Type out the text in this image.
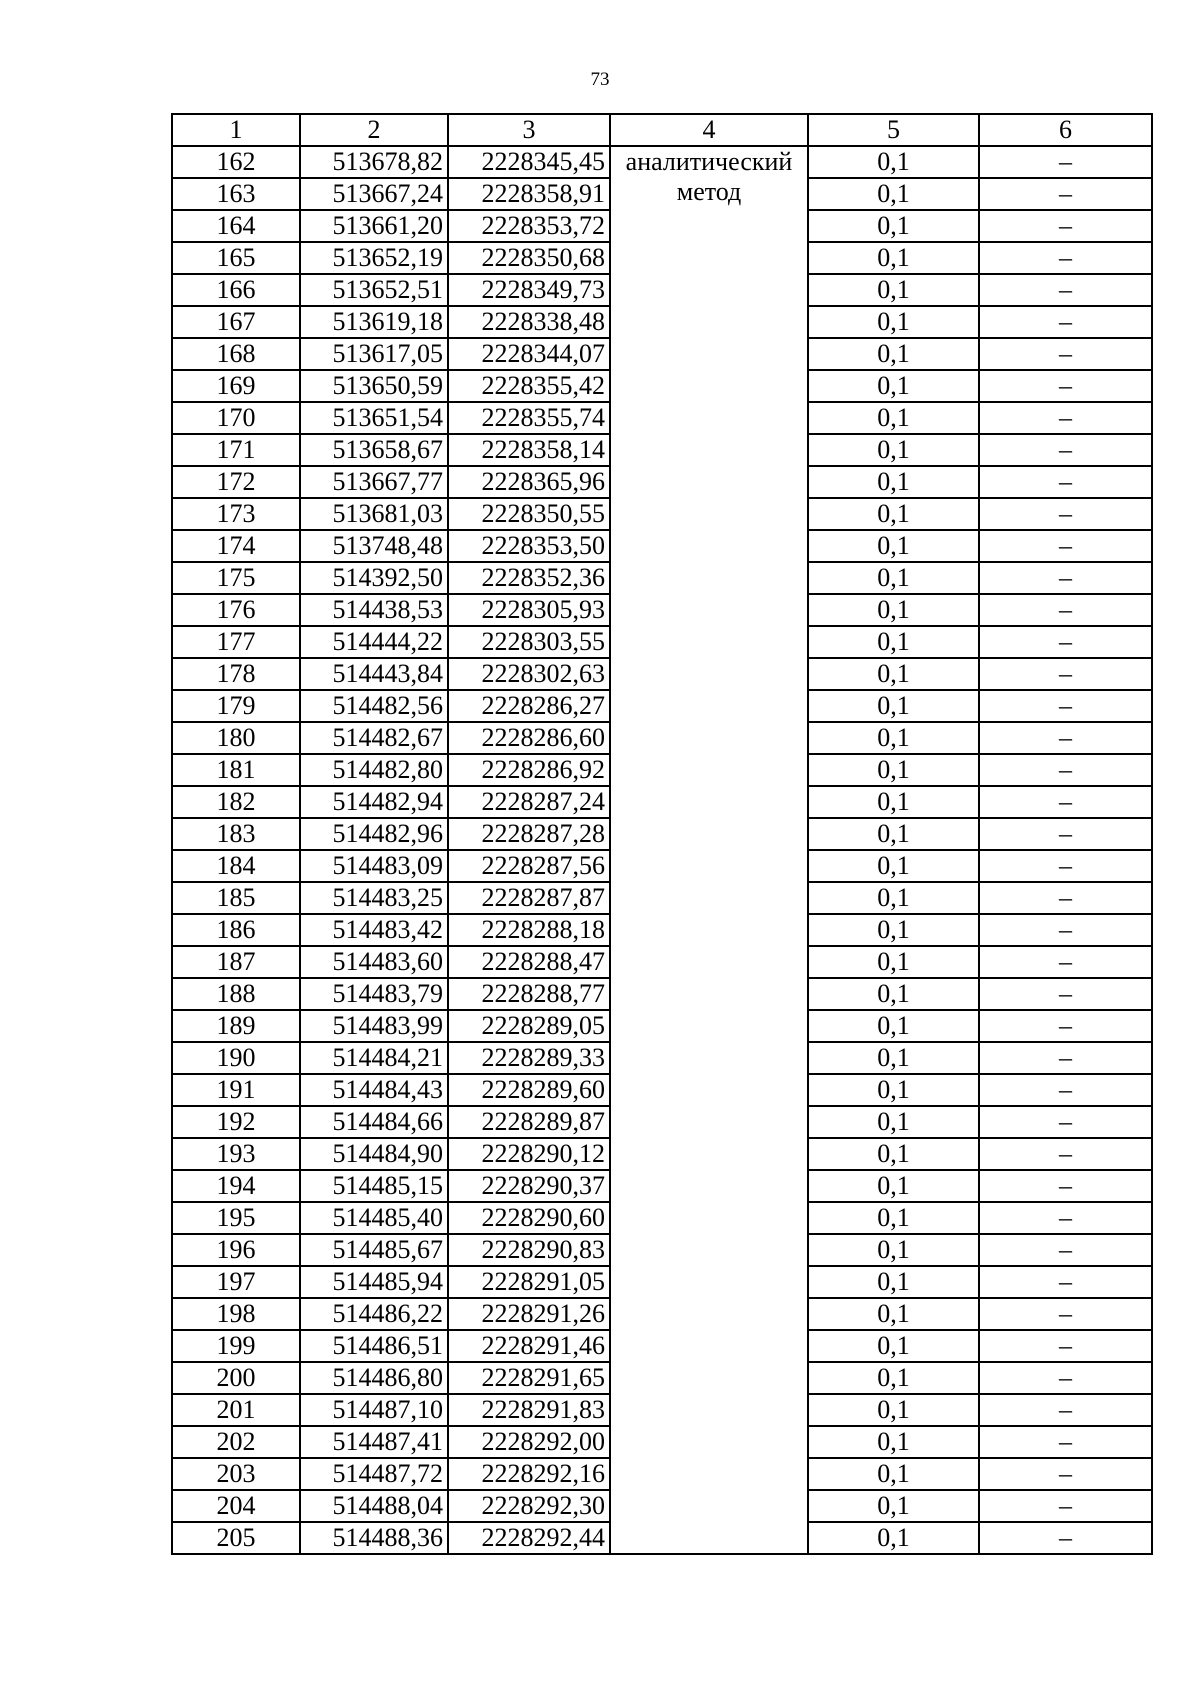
73
1	2	3	4	5	6
162	513678,82	2228345,45	аналитический метод	0,1	–
163	513667,24	2228358,91		0,1	–
164	513661,20	2228353,72		0,1	–
165	513652,19	2228350,68		0,1	–
166	513652,51	2228349,73		0,1	–
167	513619,18	2228338,48		0,1	–
168	513617,05	2228344,07		0,1	–
169	513650,59	2228355,42		0,1	–
170	513651,54	2228355,74		0,1	–
171	513658,67	2228358,14		0,1	–
172	513667,77	2228365,96		0,1	–
173	513681,03	2228350,55		0,1	–
174	513748,48	2228353,50		0,1	–
175	514392,50	2228352,36		0,1	–
176	514438,53	2228305,93		0,1	–
177	514444,22	2228303,55		0,1	–
178	514443,84	2228302,63		0,1	–
179	514482,56	2228286,27		0,1	–
180	514482,67	2228286,60		0,1	–
181	514482,80	2228286,92		0,1	–
182	514482,94	2228287,24		0,1	–
183	514482,96	2228287,28		0,1	–
184	514483,09	2228287,56		0,1	–
185	514483,25	2228287,87		0,1	–
186	514483,42	2228288,18		0,1	–
187	514483,60	2228288,47		0,1	–
188	514483,79	2228288,77		0,1	–
189	514483,99	2228289,05		0,1	–
190	514484,21	2228289,33		0,1	–
191	514484,43	2228289,60		0,1	–
192	514484,66	2228289,87		0,1	–
193	514484,90	2228290,12		0,1	–
194	514485,15	2228290,37		0,1	–
195	514485,40	2228290,60		0,1	–
196	514485,67	2228290,83		0,1	–
197	514485,94	2228291,05		0,1	–
198	514486,22	2228291,26		0,1	–
199	514486,51	2228291,46		0,1	–
200	514486,80	2228291,65		0,1	–
201	514487,10	2228291,83		0,1	–
202	514487,41	2228292,00		0,1	–
203	514487,72	2228292,16		0,1	–
204	514488,04	2228292,30		0,1	–
205	514488,36	2228292,44		0,1	–
